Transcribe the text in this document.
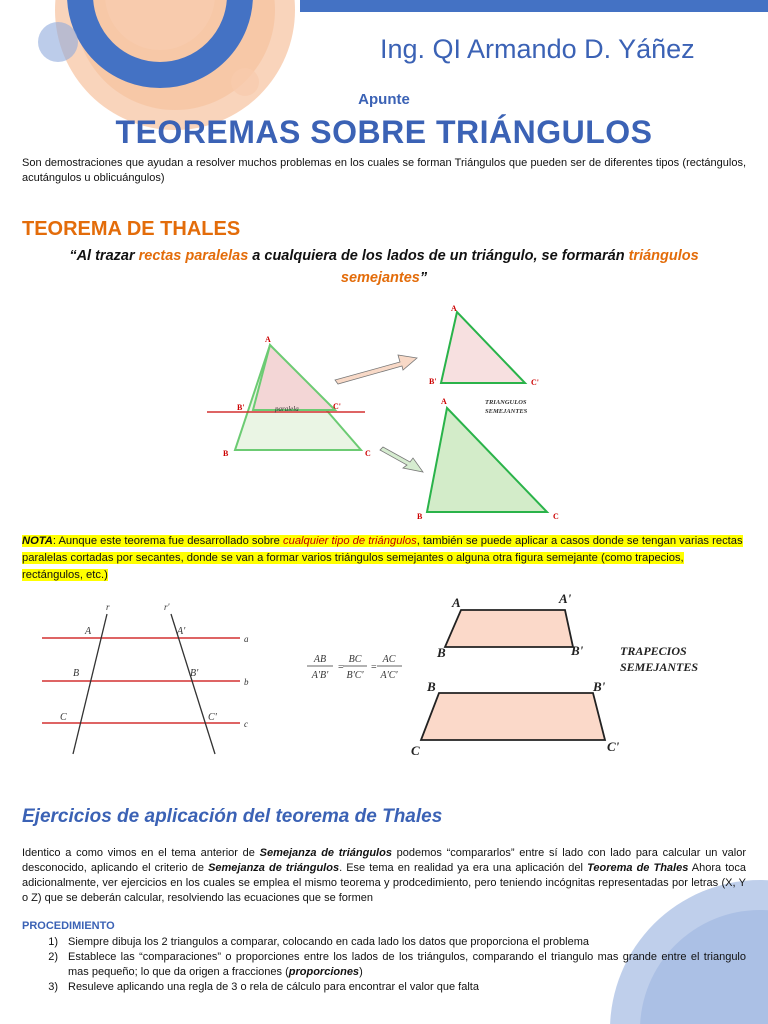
Ing. QI Armando D. Yáñez
Apunte
TEOREMAS SOBRE TRIÁNGULOS
Son demostraciones que ayudan a resolver muchos problemas en los cuales se forman Triángulos que pueden ser de diferentes tipos (rectángulos, acutángulos u oblicuángulos)
TEOREMA DE THALES
“Al trazar rectas paralelas a cualquiera de los lados de un triángulo, se formarán triángulos semejantes”
A
B'	C'
paralela
B	C
A
B'	C'
TRIANGULOS
SEMEJANTES
A
B	C
NOTA: Aunque este teorema fue desarrollado sobre cualquier tipo de triángulos, también se puede aplicar a casos donde se tengan varias rectas paralelas cortadas por secantes, donde se van a formar varios triángulos semejantes o alguna otra figura semejante (como trapecios, rectángulos, etc.)
r	r'
A	A'
B	B'
C	C'
a
b
c
AB
A'B'
=
BC
B'C'
=
AC
A'C'
A	A'
B	B'	TRAPECIOS
SEMEJANTES
B	B'
C	C'
Ejercicios de aplicación del teorema de Thales
Identico a como vimos en el tema anterior de Semejanza de triángulos podemos “compararlos” entre sí lado con lado para calcular un valor desconocido, aplicando el criterio de Semejanza de triángulos. Ese tema en realidad ya era una aplicación del Teorema de Thales Ahora toca adicionalmente, ver ejercicios en los cuales se emplea el mismo teorema y prodcedimiento, pero teniendo incógnitas representadas por letras (X, Y o Z) que se deberán calcular, resolviendo las ecuaciones que se formen
PROCEDIMIENTO
1) Siempre dibuja los 2 triangulos a comparar, colocando en cada lado los datos que proporciona el problema
2) Establece las “comparaciones” o proporciones entre los lados de los triángulos, comparando el triangulo mas grande entre el triangulo mas pequeño; lo que da origen a fracciones (proporciones)
3) Resuleve aplicando una regla de 3 o rela de cálculo para encontrar el valor que falta
